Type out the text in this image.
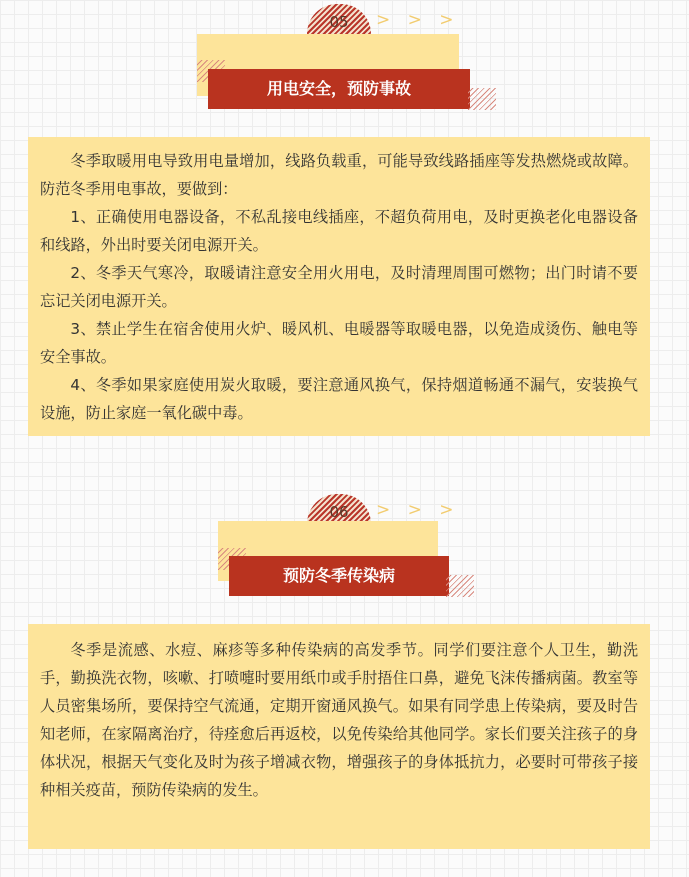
05	> > >
用电安全，预防事故

冬季取暖用电导致用电量增加，线路负载重，可能导致线路插座等发热燃烧或故障。防范冬季用电事故，要做到：

1、正确使用电器设备，不私乱接电线插座，不超负荷用电，及时更换老化电器设备和线路，外出时要关闭电源开关。

2、冬季天气寒冷，取暖请注意安全用火用电，及时清理周围可燃物；出门时请不要忘记关闭电源开关。

3、禁止学生在宿舍使用火炉、暖风机、电暖器等取暖电器，以免造成烫伤、触电等安全事故。

4、冬季如果家庭使用炭火取暖，要注意通风换气，保持烟道畅通不漏气，安装换气设施，防止家庭一氧化碳中毒。

06	> > >
预防冬季传染病

冬季是流感、水痘、麻疹等多种传染病的高发季节。同学们要注意个人卫生，勤洗手，勤换洗衣物，咳嗽、打喷嚏时要用纸巾或手肘捂住口鼻，避免飞沫传播病菌。教室等人员密集场所，要保持空气流通，定期开窗通风换气。如果有同学患上传染病，要及时告知老师，在家隔离治疗，待痊愈后再返校，以免传染给其他同学。家长们要关注孩子的身体状况，根据天气变化及时为孩子增减衣物，增强孩子的身体抵抗力，必要时可带孩子接种相关疫苗，预防传染病的发生。
